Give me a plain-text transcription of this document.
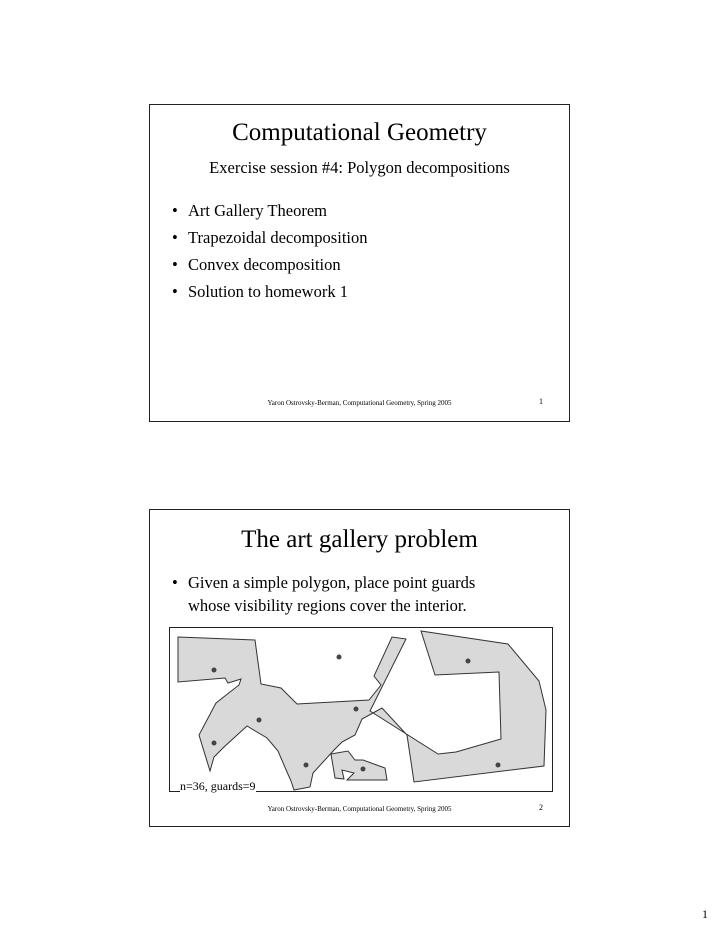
Computational Geometry

Exercise session #4: Polygon decompositions

• Art Gallery Theorem
• Trapezoidal decomposition
• Convex decomposition
• Solution to homework 1
Yaron Ostrovsky-Berman, Computational Geometry, Spring 2005	1
The art gallery problem
• Given a simple polygon, place point guards
whose visibility regions cover the interior.
n=36, guards=9
Yaron Ostrovsky-Berman, Computational Geometry, Spring 2005	2
1
